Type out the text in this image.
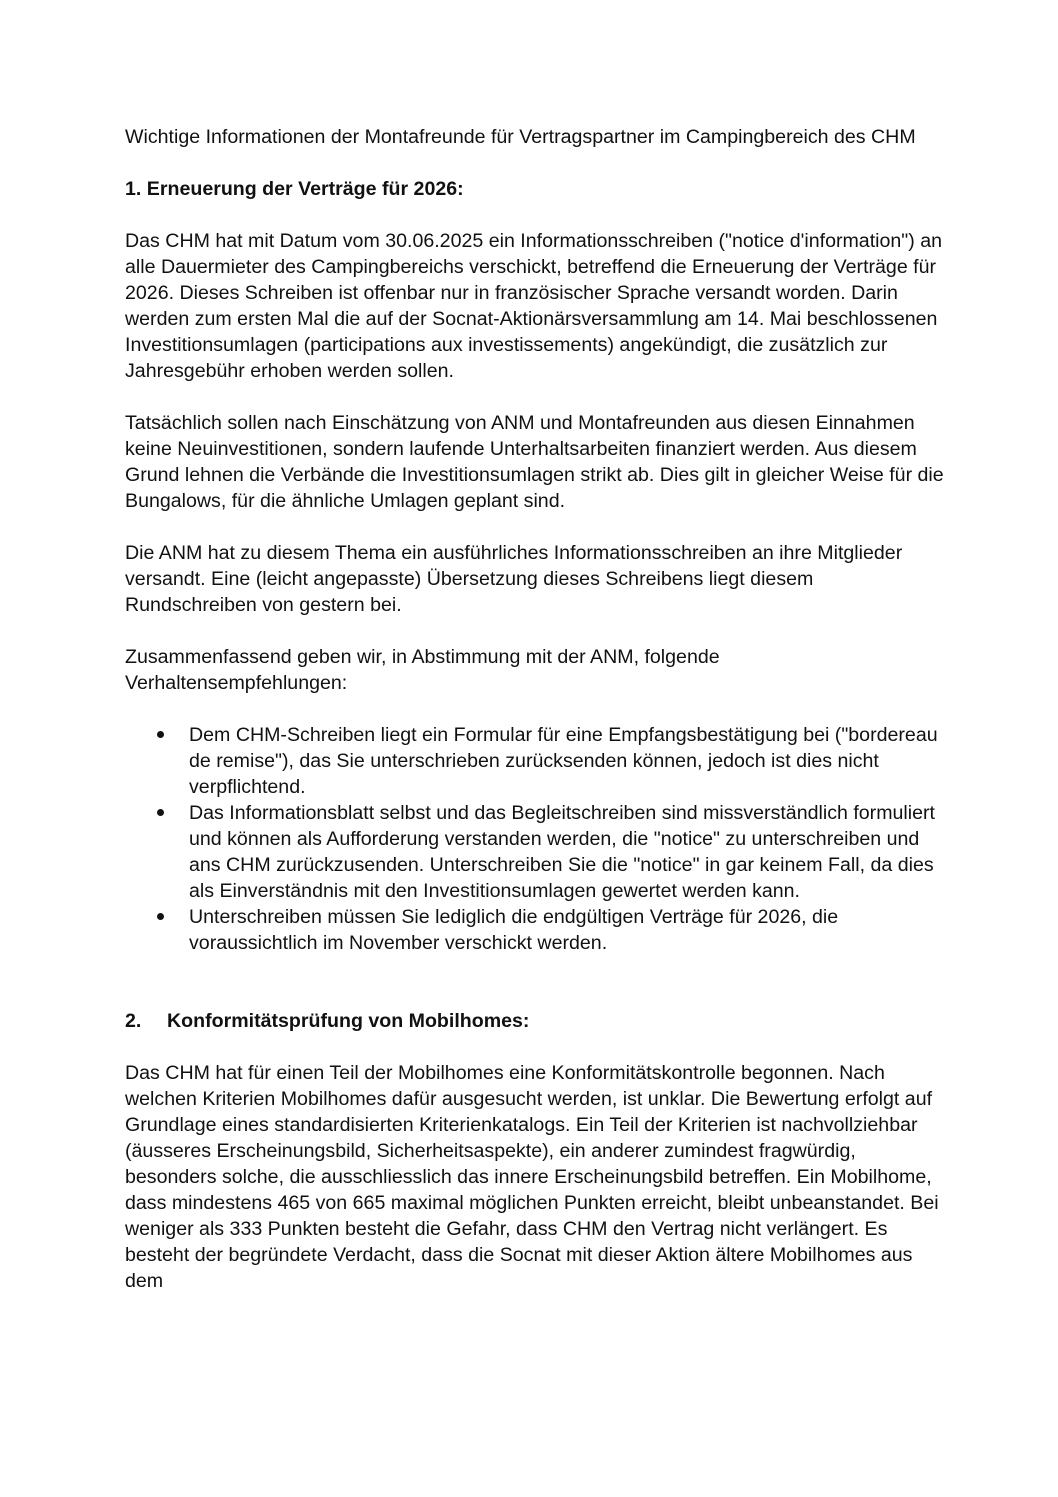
Wichtige Informationen der Montafreunde für Vertragspartner im Campingbereich des CHM

1. Erneuerung der Verträge für 2026:

Das CHM hat mit Datum vom 30.06.2025 ein Informationsschreiben ("notice d'information") an alle Dauermieter des Campingbereichs verschickt, betreffend die Erneuerung der Verträge für 2026. Dieses Schreiben ist offenbar nur in französischer Sprache versandt worden. Darin werden zum ersten Mal die auf der Socnat-Aktionärsversammlung am 14. Mai beschlossenen Investitionsumlagen (participations aux investissements) angekündigt, die zusätzlich zur Jahresgebühr erhoben werden sollen.

Tatsächlich sollen nach Einschätzung von ANM und Montafreunden aus diesen Einnahmen keine Neuinvestitionen, sondern laufende Unterhaltsarbeiten finanziert werden. Aus diesem Grund lehnen die Verbände die Investitionsumlagen strikt ab. Dies gilt in gleicher Weise für die Bungalows, für die ähnliche Umlagen geplant sind.

Die ANM hat zu diesem Thema ein ausführliches Informationsschreiben an ihre Mitglieder versandt. Eine (leicht angepasste) Übersetzung dieses Schreibens liegt diesem Rundschreiben von gestern bei.

Zusammenfassend geben wir, in Abstimmung mit der ANM, folgende Verhaltensempfehlungen:

Dem CHM-Schreiben liegt ein Formular für eine Empfangsbestätigung bei ("bordereau de remise"), das Sie unterschrieben zurücksenden können, jedoch ist dies nicht verpflichtend.
Das Informationsblatt selbst und das Begleitschreiben sind missverständlich formuliert und können als Aufforderung verstanden werden, die "notice" zu unterschreiben und ans CHM zurückzusenden. Unterschreiben Sie die "notice" in gar keinem Fall, da dies als Einverständnis mit den Investitionsumlagen gewertet werden kann.
Unterschreiben müssen Sie lediglich die endgültigen Verträge für 2026, die voraussichtlich im November verschickt werden.
2.	Konformitätsprüfung von Mobilhomes:

Das CHM hat für einen Teil der Mobilhomes eine Konformitätskontrolle begonnen. Nach welchen Kriterien Mobilhomes dafür ausgesucht werden, ist unklar. Die Bewertung erfolgt auf Grundlage eines standardisierten Kriterienkatalogs. Ein Teil der Kriterien ist nachvollziehbar (äusseres Erscheinungsbild, Sicherheitsaspekte), ein anderer zumindest fragwürdig, besonders solche, die ausschliesslich das innere Erscheinungsbild betreffen. Ein Mobilhome, dass mindestens 465 von 665 maximal möglichen Punkten erreicht, bleibt unbeanstandet. Bei weniger als 333 Punkten besteht die Gefahr, dass CHM den Vertrag nicht verlängert. Es besteht der begründete Verdacht, dass die Socnat mit dieser Aktion ältere Mobilhomes aus dem
